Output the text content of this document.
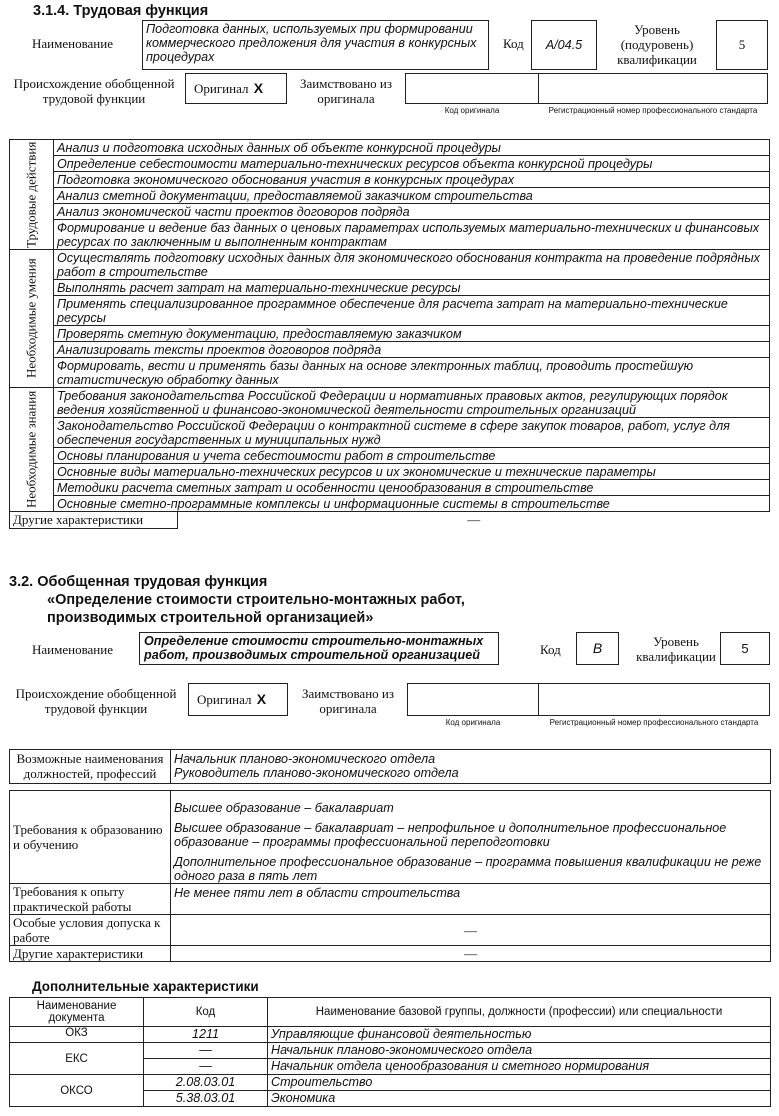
3.1.4. Трудовая функция
Наименование
Подготовка данных, используемых при формировании коммерческого предложения для участия в конкурсных процедурах
Код	A/04.5
Уровень (подуровень) квалификации
5
Происхождение обобщенной трудовой функции
Оригинал X	Заимствовано из оригинала
Код оригинала	Регистрационный номер профессионального стандарта
Трудовые действия	Анализ и подготовка исходных данных об объекте конкурсной процедуры
	Определение себестоимости материально-технических ресурсов объекта конкурсной процедуры
	Подготовка экономического обоснования участия в конкурсных процедурах
	Анализ сметной документации, предоставляемой заказчиком строительства
	Анализ экономической части проектов договоров подряда
	Формирование и ведение баз данных о ценовых параметрах используемых материально-технических и финансовых ресурсах по заключенным и выполненным контрактам

Необходимые умения	Осуществлять подготовку исходных данных для экономического обоснования контракта на проведение подрядных работ в строительстве
	Выполнять расчет затрат на материально-технические ресурсы
	Применять специализированное программное обеспечение для расчета затрат на материально-технические ресурсы
	Проверять сметную документацию, предоставляемую заказчиком
	Анализировать тексты проектов договоров подряда
	Формировать, вести и применять базы данных на основе электронных таблиц, проводить простейшую статистическую обработку данных

Необходимые знания	Требования законодательства Российской Федерации и нормативных правовых актов, регулирующих порядок ведения хозяйственной и финансово-экономической деятельности строительных организаций
	Законодательство Российской Федерации о контрактной системе в сфере закупок товаров, работ, услуг для обеспечения государственных и муниципальных нужд
	Основы планирования и учета себестоимости работ в строительстве
	Основные виды материально-технических ресурсов и их экономические и технические параметры
	Методики расчета сметных затрат и особенности ценообразования в строительстве
	Основные сметно-программные комплексы и информационные системы в строительстве
Другие характеристики	—
3.2. Обобщенная трудовая функция
«Определение стоимости строительно-монтажных работ,
производимых строительной организацией»
Наименование
Определение стоимости строительно-монтажных работ, производимых строительной организацией	Код	В	Уровень квалификации
5
Происхождение обобщенной трудовой функции
Оригинал X	Заимствовано из оригинала
Код оригинала	Регистрационный номер профессионального стандарта
Возможные наименования должностей, профессий	
Начальник планово-экономического отдела
Руководитель планово-экономического отдела
Требования к образованию и обучению	Высшее образование – бакалавриат
Высшее образование – бакалавриат – непрофильное и дополнительное профессиональное образование – программы профессиональной переподготовки
Дополнительное профессиональное образование – программа повышения квалификации не реже одного раза в пять лет

Требования к опыту практической работы	Не менее пяти лет в области строительства
Особые условия допуска к работе	—
Другие характеристики	—
Дополнительные характеристики
Наименование документа	Код	Наименование базовой группы, должности (профессии) или специальности
ОКЗ	1211	Управляющие финансовой деятельностью
ЕКС	—	Начальник планово-экономического отдела
	—	Начальник отдела ценообразования и сметного нормирования
ОКСО	2.08.03.01	Строительство
	5.38.03.01	Экономика
